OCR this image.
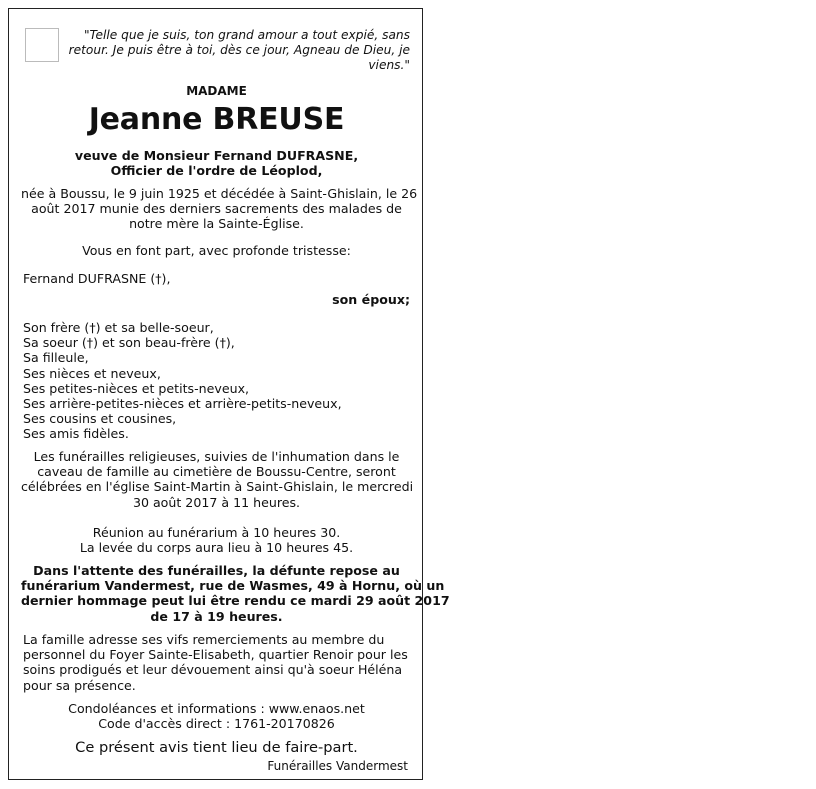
"Telle que je suis, ton grand amour a tout expié, sans retour. Je puis être à toi, dès ce jour, Agneau de Dieu, je viens."
MADAME
Jeanne BREUSE
veuve de Monsieur Fernand DUFRASNE,
Officier de l'ordre de Léoplod,
née à Boussu, le 9 juin 1925 et décédée à Saint-Ghislain, le 26
août 2017 munie des derniers sacrements des malades de
notre mère la Sainte-Église.
Vous en font part, avec profonde tristesse:
Fernand DUFRASNE (†),
son époux;
Son frère (†) et sa belle-soeur,
Sa soeur (†) et son beau-frère (†),
Sa filleule,
Ses nièces et neveux,
Ses petites-nièces et petits-neveux,
Ses arrière-petites-nièces et arrière-petits-neveux,
Ses cousins et cousines,
Ses amis fidèles.
Les funérailles religieuses, suivies de l'inhumation dans le
caveau de famille au cimetière de Boussu-Centre, seront
célébrées en l'église Saint-Martin à Saint-Ghislain, le mercredi
30 août 2017 à 11 heures.
Réunion au funérarium à 10 heures 30.
La levée du corps aura lieu à 10 heures 45.
Dans l'attente des funérailles, la défunte repose au
funérarium Vandermest, rue de Wasmes, 49 à Hornu, où un
dernier hommage peut lui être rendu ce mardi 29 août 2017
de 17 à 19 heures.
La famille adresse ses vifs remerciements au membre du
personnel du Foyer Sainte-Elisabeth, quartier Renoir pour les
soins prodigués et leur dévouement ainsi qu'à soeur Héléna
pour sa présence.
Condoléances et informations : www.enaos.net
Code d'accès direct : 1761-20170826
Ce présent avis tient lieu de faire-part.
Funérailles Vandermest
